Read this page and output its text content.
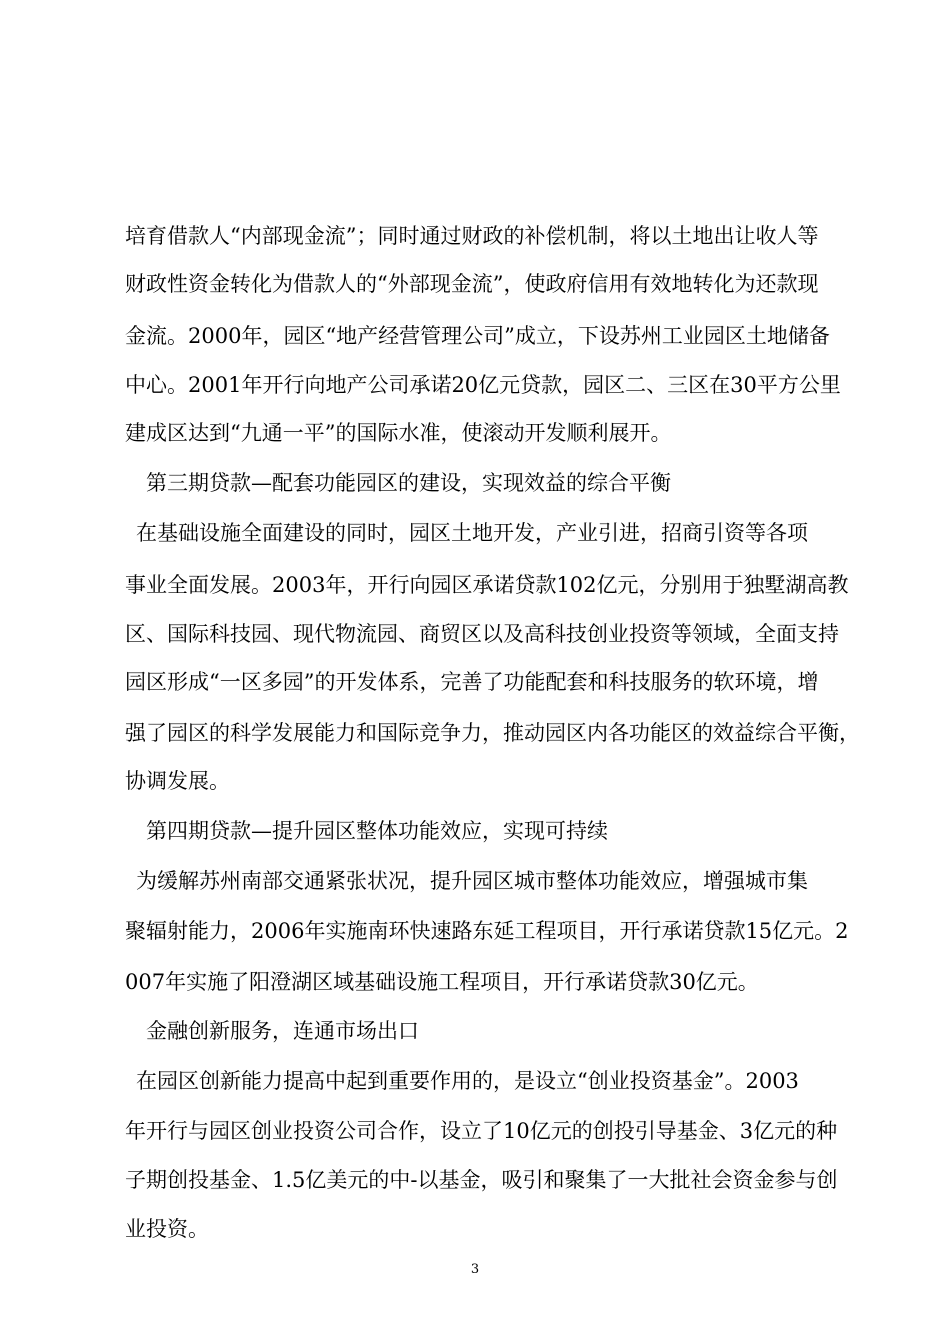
培育借款人“内部现金流”；同时通过财政的补偿机制，将以土地出让收人等
财政性资金转化为借款人的“外部现金流”，使政府信用有效地转化为还款现
金流。2000年，园区“地产经营管理公司”成立，下设苏州工业园区土地储备
中心。2001年开行向地产公司承诺20亿元贷款，园区二、三区在30平方公里
建成区达到“九通一平”的国际水准，使滚动开发顺利展开。
第三期贷款—配套功能园区的建设，实现效益的综合平衡
在基础设施全面建设的同时，园区土地开发，产业引进，招商引资等各项
事业全面发展。2003年，开行向园区承诺贷款102亿元，分别用于独墅湖高教
区、国际科技园、现代物流园、商贸区以及高科技创业投资等领域，全面支持
园区形成“一区多园”的开发体系，完善了功能配套和科技服务的软环境，增
强了园区的科学发展能力和国际竞争力，推动园区内各功能区的效益综合平衡，
协调发展。
第四期贷款—提升园区整体功能效应，实现可持续
为缓解苏州南部交通紧张状况，提升园区城市整体功能效应，增强城市集
聚辐射能力，2006年实施南环快速路东延工程项目，开行承诺贷款15亿元。2
007年实施了阳澄湖区域基础设施工程项目，开行承诺贷款30亿元。
金融创新服务，连通市场出口
在园区创新能力提高中起到重要作用的，是设立“创业投资基金”。2003
年开行与园区创业投资公司合作，设立了10亿元的创投引导基金、3亿元的种
子期创投基金、1.5亿美元的中-以基金，吸引和聚集了一大批社会资金参与创
业投资。
3
